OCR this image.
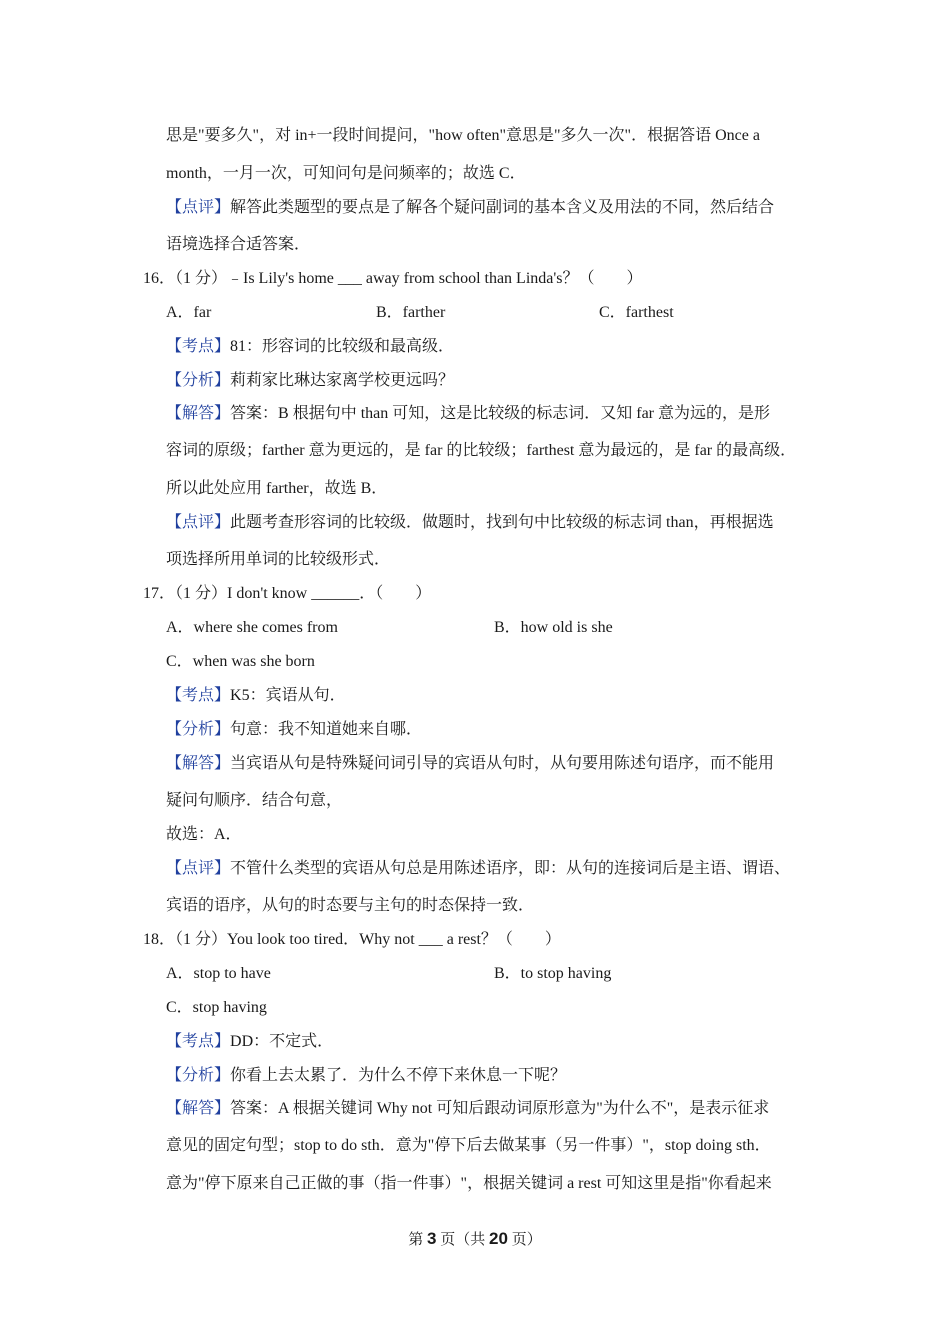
思是"要多久"，对 in+一段时间提问，"how often"意思是"多久一次"．根据答语 Once a
month，一月一次，可知问句是问频率的；故选 C．
【点评】解答此类题型的要点是了解各个疑问副词的基本含义及用法的不同，然后结合
语境选择合适答案．
16．（1 分）﹣Is Lily's home ___ away from school than Linda's？（　　）
A．far	B．farther	C．farthest
【考点】81：形容词的比较级和最高级．
【分析】莉莉家比琳达家离学校更远吗？
【解答】答案：B 根据句中 than 可知，这是比较级的标志词．又知 far 意为远的，是形
容词的原级；farther 意为更远的，是 far 的比较级；farthest 意为最远的，是 far 的最高级．
所以此处应用 farther，故选 B．
【点评】此题考查形容词的比较级．做题时，找到句中比较级的标志词 than，再根据选
项选择所用单词的比较级形式．
17．（1 分）I don't know ______．（　　）
A．where she comes from	B．how old is she
C．when was she born
【考点】K5：宾语从句．
【分析】句意：我不知道她来自哪．
【解答】当宾语从句是特殊疑问词引导的宾语从句时，从句要用陈述句语序，而不能用
疑问句顺序．结合句意，
故选：A．
【点评】不管什么类型的宾语从句总是用陈述语序，即：从句的连接词后是主语、谓语、
宾语的语序，从句的时态要与主句的时态保持一致．
18．（1 分）You look too tired．Why not ___ a rest？（　　）
A．stop to have	B．to stop having
C．stop having
【考点】DD：不定式．
【分析】你看上去太累了．为什么不停下来休息一下呢？
【解答】答案：A 根据关键词 Why not 可知后跟动词原形意为"为什么不"，是表示征求
意见的固定句型；stop to do sth．意为"停下后去做某事（另一件事）"，stop doing sth．
意为"停下原来自己正做的事（指一件事）"，根据关键词 a rest 可知这里是指"你看起来
第 3 页（共 20 页）
